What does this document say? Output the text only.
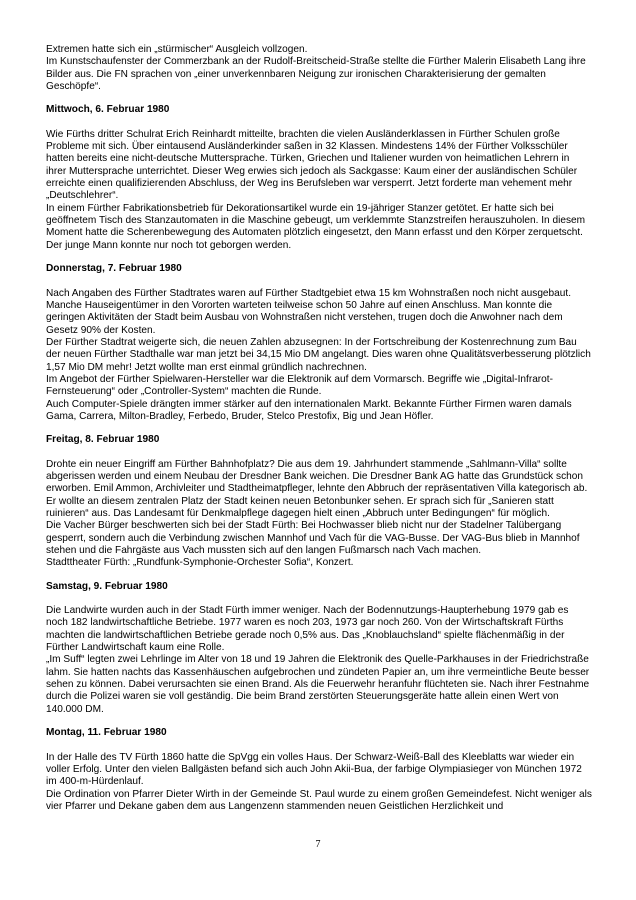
Extremen hatte sich ein „stürmischer“ Ausgleich vollzogen.

Im Kunstschaufenster der Commerzbank an der Rudolf-Breitscheid-Straße stellte die Fürther Malerin Elisabeth Lang ihre Bilder aus. Die FN sprachen von „einer unverkennbaren Neigung zur ironischen Charakterisierung der gemalten Geschöpfe“.

Mittwoch, 6. Februar 1980

Wie Fürths dritter Schulrat Erich Reinhardt mitteilte, brachten die vielen Ausländerklassen in Fürther Schulen große Probleme mit sich. Über eintausend Ausländerkinder saßen in 32 Klassen. Mindestens 14% der Fürther Volksschüler hatten bereits eine nicht-deutsche Muttersprache. Türken, Griechen und Italiener wurden von heimatlichen Lehrern in ihrer Muttersprache unterrichtet. Dieser Weg erwies sich jedoch als Sackgasse: Kaum einer der ausländischen Schüler erreichte einen qualifizierenden Abschluss, der Weg ins Berufsleben war versperrt. Jetzt forderte man vehement mehr „Deutschlehrer“.

In einem Fürther Fabrikationsbetrieb für Dekorationsartikel wurde ein 19-jähriger Stanzer getötet. Er hatte sich bei geöffnetem Tisch des Stanzautomaten in die Maschine gebeugt, um verklemmte Stanzstreifen herauszuholen. In diesem Moment hatte die Scherenbewegung des Automaten plötzlich eingesetzt, den Mann erfasst und den Körper zerquetscht. Der junge Mann konnte nur noch tot geborgen werden.

Donnerstag, 7. Februar 1980

Nach Angaben des Fürther Stadtrates waren auf Fürther Stadtgebiet etwa 15 km Wohnstraßen noch nicht ausgebaut. Manche Hauseigentümer in den Vororten warteten teilweise schon 50 Jahre auf einen Anschluss. Man konnte die geringen Aktivitäten der Stadt beim Ausbau von Wohnstraßen nicht verstehen, trugen doch die Anwohner nach dem Gesetz 90% der Kosten.

Der Fürther Stadtrat weigerte sich, die neuen Zahlen abzusegnen: In der Fortschreibung der Kostenrechnung zum Bau der neuen Fürther Stadthalle war man jetzt bei 34,15 Mio DM angelangt. Dies waren ohne Qualitätsverbesserung plötzlich 1,57 Mio DM mehr! Jetzt wollte man erst einmal gründlich nachrechnen.

Im Angebot der Fürther Spielwaren-Hersteller war die Elektronik auf dem Vormarsch. Begriffe wie „Digital-Infrarot-Fernsteuerung“ oder „Controller-System“ machten die Runde.

Auch Computer-Spiele drängten immer stärker auf den internationalen Markt. Bekannte Fürther Firmen waren damals Gama, Carrera, Milton-Bradley, Ferbedo, Bruder, Stelco Prestofix, Big und Jean Höfler.

Freitag, 8. Februar 1980

Drohte ein neuer Eingriff am Fürther Bahnhofplatz? Die aus dem 19. Jahrhundert stammende „Sahlmann-Villa“ sollte abgerissen werden und einem Neubau der Dresdner Bank weichen. Die Dresdner Bank AG hatte das Grundstück schon erworben. Emil Ammon, Archivleiter und Stadtheimatpfleger, lehnte den Abbruch der repräsentativen Villa kategorisch ab. Er wollte an diesem zentralen Platz der Stadt keinen neuen Betonbunker sehen. Er sprach sich für „Sanieren statt ruinieren“ aus. Das Landesamt für Denkmalpflege dagegen hielt einen „Abbruch unter Bedingungen“ für möglich.

Die Vacher Bürger beschwerten sich bei der Stadt Fürth: Bei Hochwasser blieb nicht nur der Stadelner Talübergang gesperrt, sondern auch die Verbindung zwischen Mannhof und Vach für die VAG-Busse. Der VAG-Bus blieb in Mannhof stehen und die Fahrgäste aus Vach mussten sich auf den langen Fußmarsch nach Vach machen.

Stadttheater Fürth: „Rundfunk-Symphonie-Orchester Sofia“, Konzert.

Samstag, 9. Februar 1980

Die Landwirte wurden auch in der Stadt Fürth immer weniger. Nach der Bodennutzungs-Haupterhebung 1979 gab es noch 182 landwirtschaftliche Betriebe. 1977 waren es noch 203, 1973 gar noch 260. Von der Wirtschaftskraft Fürths machten die landwirtschaftlichen Betriebe gerade noch 0,5% aus. Das „Knoblauchsland“ spielte flächenmäßig in der Fürther Landwirtschaft kaum eine Rolle.

„Im Suff“ legten zwei Lehrlinge im Alter von 18 und 19 Jahren die Elektronik des Quelle-Parkhauses in der Friedrichstraße lahm. Sie hatten nachts das Kassenhäuschen aufgebrochen und zündeten Papier an, um ihre vermeintliche Beute besser sehen zu können. Dabei verursachten sie einen Brand. Als die Feuerwehr heranfuhr flüchteten sie. Nach ihrer Festnahme durch die Polizei waren sie voll geständig. Die beim Brand zerstörten Steuerungsgeräte hatte allein einen Wert von 140.000 DM.

Montag, 11. Februar 1980

In der Halle des TV Fürth 1860 hatte die SpVgg ein volles Haus. Der Schwarz-Weiß-Ball des Kleeblatts war wieder ein voller Erfolg. Unter den vielen Ballgästen befand sich auch John Akii-Bua, der farbige Olympiasieger von München 1972 im 400-m-Hürdenlauf.

Die Ordination von Pfarrer Dieter Wirth in der Gemeinde St. Paul wurde zu einem großen Gemeindefest. Nicht weniger als vier Pfarrer und Dekane gaben dem aus Langenzenn stammenden neuen Geistlichen Herzlichkeit und

7
